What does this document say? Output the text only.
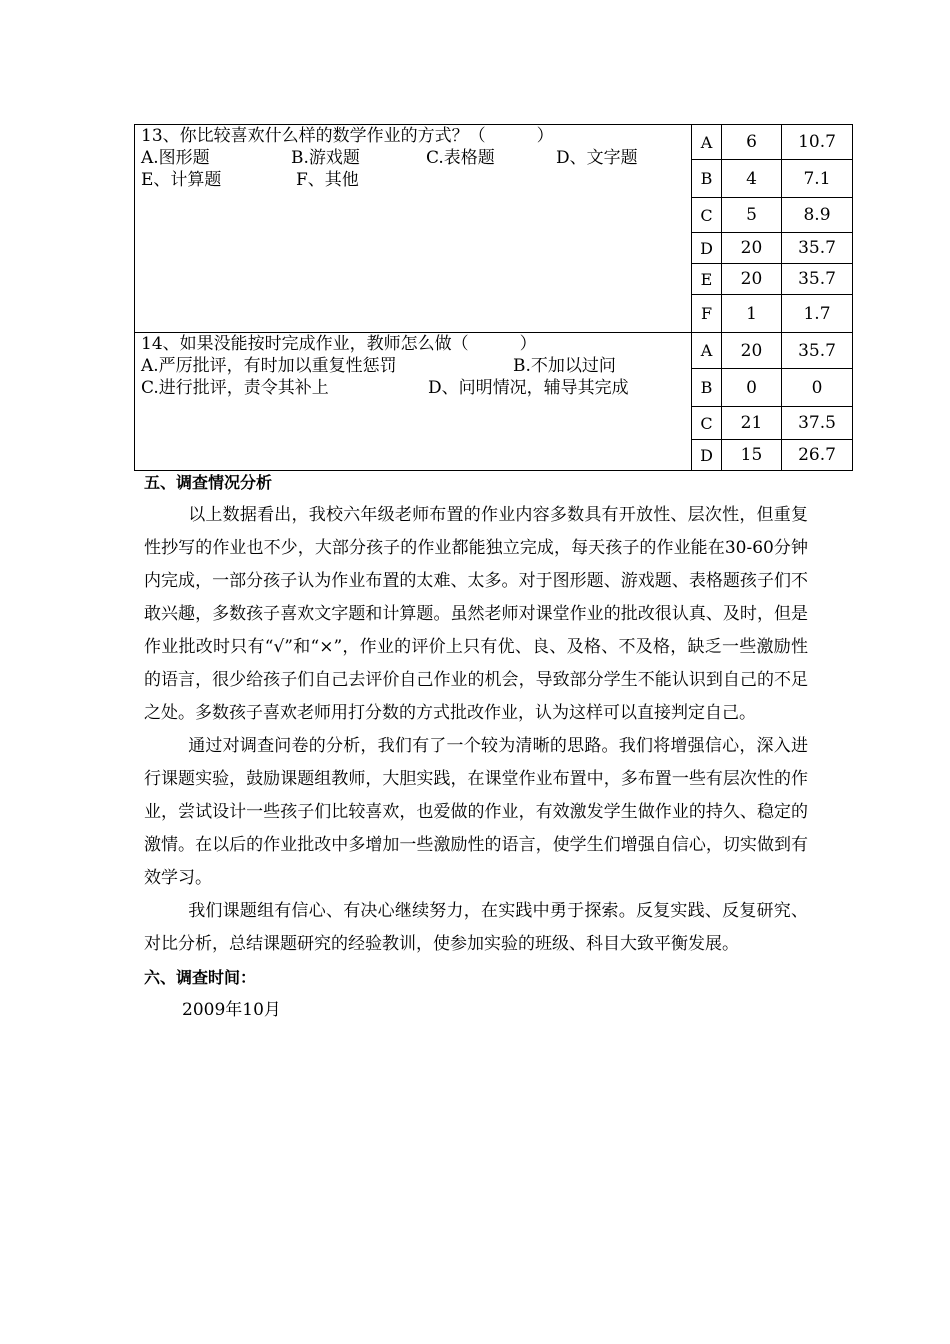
13、你比较喜欢什么样的数学作业的方式？（　　　）
A.图形题 B.游戏题 C.表格题 D、文字题
E、计算题 F、其他	A	6	10.7
	B	4	7.1
	C	5	8.9
	D	20	35.7
	E	20	35.7
	F	1	1.7

14、如果没能按时完成作业，教师怎么做（　　　）
A.严厉批评，有时加以重复性惩罚 B.不加以过问
C.进行批评，责令其补上 D、问明情况，辅导其完成	A	20	35.7
	B	0	0
	C	21	37.5
	D	15	26.7
五、调查情况分析

以上数据看出，我校六年级老师布置的作业内容多数具有开放性、层次性，但重复性抄写的作业也不少，大部分孩子的作业都能独立完成，每天孩子的作业能在30-60分钟内完成，一部分孩子认为作业布置的太难、太多。对于图形题、游戏题、表格题孩子们不敢兴趣，多数孩子喜欢文字题和计算题。虽然老师对课堂作业的批改很认真、及时，但是作业批改时只有“√”和“×”，作业的评价上只有优、良、及格、不及格，缺乏一些激励性的语言，很少给孩子们自己去评价自己作业的机会，导致部分学生不能认识到自己的不足之处。多数孩子喜欢老师用打分数的方式批改作业，认为这样可以直接判定自己。

通过对调查问卷的分析，我们有了一个较为清晰的思路。我们将增强信心，深入进行课题实验，鼓励课题组教师，大胆实践，在课堂作业布置中，多布置一些有层次性的作业，尝试设计一些孩子们比较喜欢，也爱做的作业，有效激发学生做作业的持久、稳定的激情。在以后的作业批改中多增加一些激励性的语言，使学生们增强自信心，切实做到有效学习。

我们课题组有信心、有决心继续努力，在实践中勇于探索。反复实践、反复研究、对比分析，总结课题研究的经验教训，使参加实验的班级、科目大致平衡发展。

六、调查时间：
2009年10月
